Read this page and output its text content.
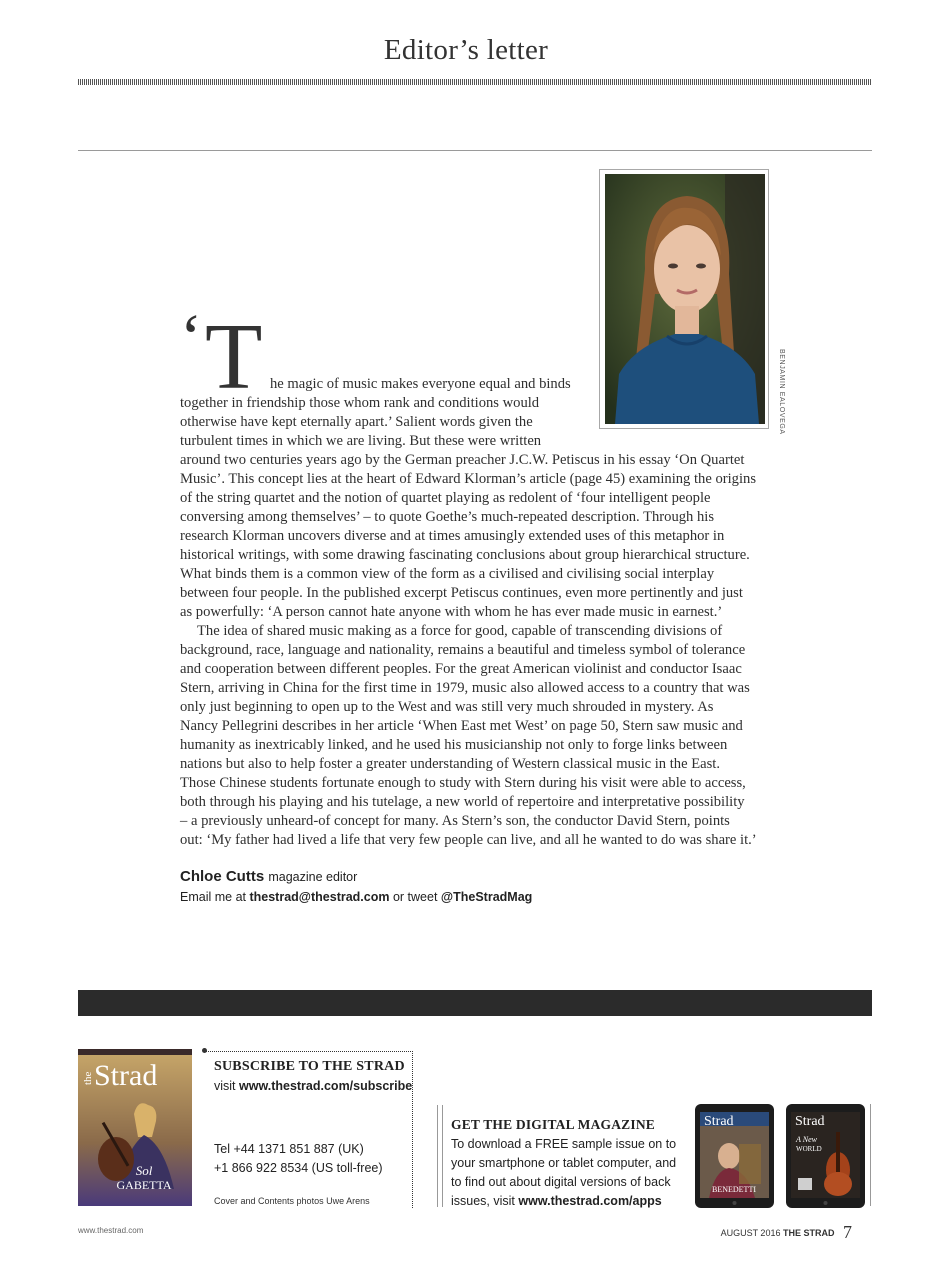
Editor’s letter
BENJAMIN EALOVEGA
‘ T he magic of music makes everyone equal and binds
together in friendship those whom rank and conditions would
otherwise have kept eternally apart.’ Salient words given the
turbulent times in which we are living. But these were written
around two centuries years ago by the German preacher J.C.W. Petiscus in his essay ‘On Quartet
Music’. This concept lies at the heart of Edward Klorman’s article (page 45) examining the origins
of the string quartet and the notion of quartet playing as redolent of ‘four intelligent people
conversing among themselves’ – to quote Goethe’s much-repeated description. Through his
research Klorman uncovers diverse and at times amusingly extended uses of this metaphor in
historical writings, with some drawing fascinating conclusions about group hierarchical structure.
What binds them is a common view of the form as a civilised and civilising social interplay
between four people. In the published excerpt Petiscus continues, even more pertinently and just
as powerfully: ‘A person cannot hate anyone with whom he has ever made music in earnest.’
The idea of shared music making as a force for good, capable of transcending divisions of
background, race, language and nationality, remains a beautiful and timeless symbol of tolerance
and cooperation between different peoples. For the great American violinist and conductor Isaac
Stern, arriving in China for the first time in 1979, music also allowed access to a country that was
only just beginning to open up to the West and was still very much shrouded in mystery. As
Nancy Pellegrini describes in her article ‘When East met West’ on page 50, Stern saw music and
humanity as inextricably linked, and he used his musicianship not only to forge links between
nations but also to help foster a greater understanding of Western classical music in the East.
Those Chinese students fortunate enough to study with Stern during his visit were able to access,
both through his playing and his tutelage, a new world of repertoire and interpretative possibility
– a previously unheard-of concept for many. As Stern’s son, the conductor David Stern, points
out: ‘My father had lived a life that very few people can live, and all he wanted to do was share it.’
Chloe Cutts magazine editor
Email me at thestrad@thestrad.com or tweet @TheStradMag
the Strad
Sol
GABETTA
SUBSCRIBE TO THE STRAD
visit www.thestrad.com/subscribe
Tel +44 1371 851 887 (UK)
+1 866 922 8534 (US toll-free)
Cover and Contents photos Uwe Arens
GET THE DIGITAL MAGAZINE
To download a FREE sample issue on to
your smartphone or tablet computer, and
to find out about digital versions of back
issues, visit www.thestrad.com/apps
Strad
BENEDETTI
Strad
A New
WORLD
www.thestrad.com	AUGUST 2016 THE STRAD 7
